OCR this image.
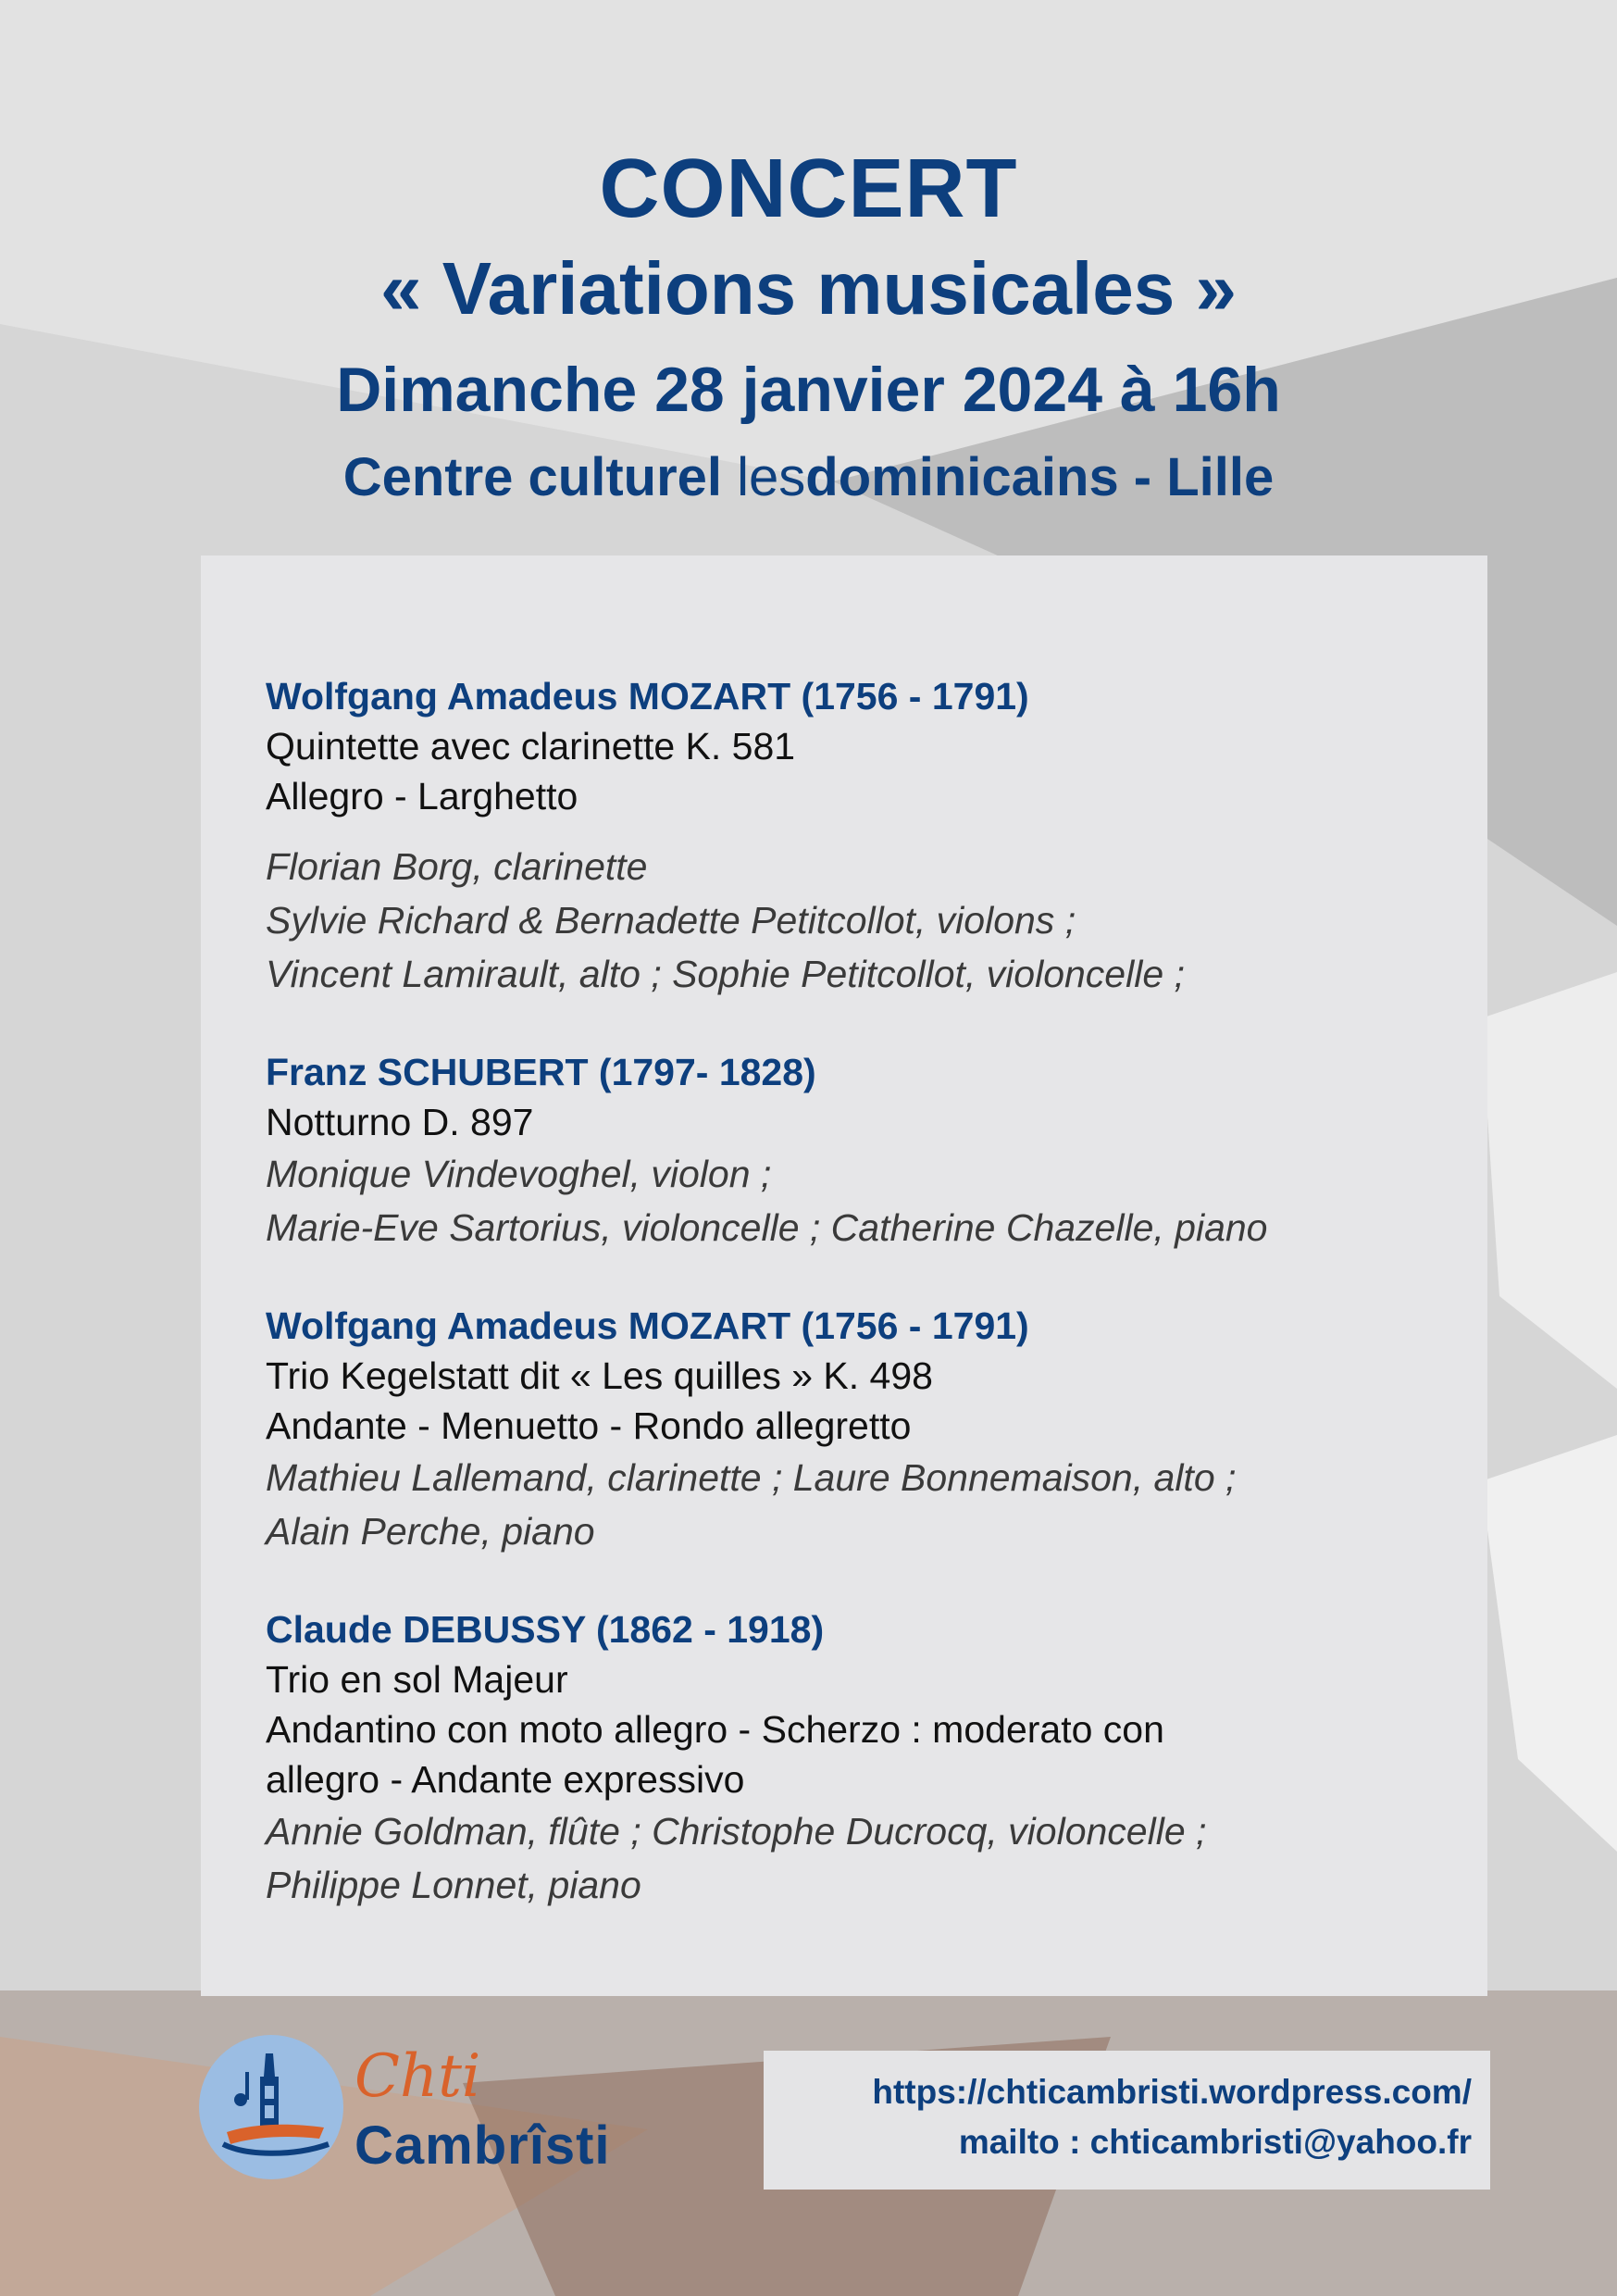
CONCERT
« Variations musicales »
Dimanche 28 janvier 2024 à 16h
Centre culturel lesdominicains - Lille
Wolfgang Amadeus MOZART (1756 - 1791)
Quintette avec clarinette K. 581
Allegro - Larghetto
Florian Borg, clarinette
Sylvie Richard & Bernadette Petitcollot, violons ;
Vincent Lamirault, alto ; Sophie Petitcollot, violoncelle ;
Franz SCHUBERT (1797- 1828)
Notturno D. 897
Monique Vindevoghel, violon ;
Marie-Eve Sartorius, violoncelle ; Catherine Chazelle, piano
Wolfgang Amadeus MOZART (1756 - 1791)
Trio Kegelstatt dit « Les quilles » K. 498
Andante - Menuetto - Rondo allegretto
Mathieu Lallemand, clarinette ; Laure Bonnemaison, alto ;
Alain Perche, piano
Claude DEBUSSY (1862 - 1918)
Trio en sol Majeur
Andantino con moto allegro - Scherzo : moderato con
allegro - Andante expressivo
Annie Goldman, flûte ; Christophe Ducrocq, violoncelle ;
Philippe Lonnet, piano
Chti
Cambrîsti
https://chticambristi.wordpress.com/
mailto : chticambristi@yahoo.fr
